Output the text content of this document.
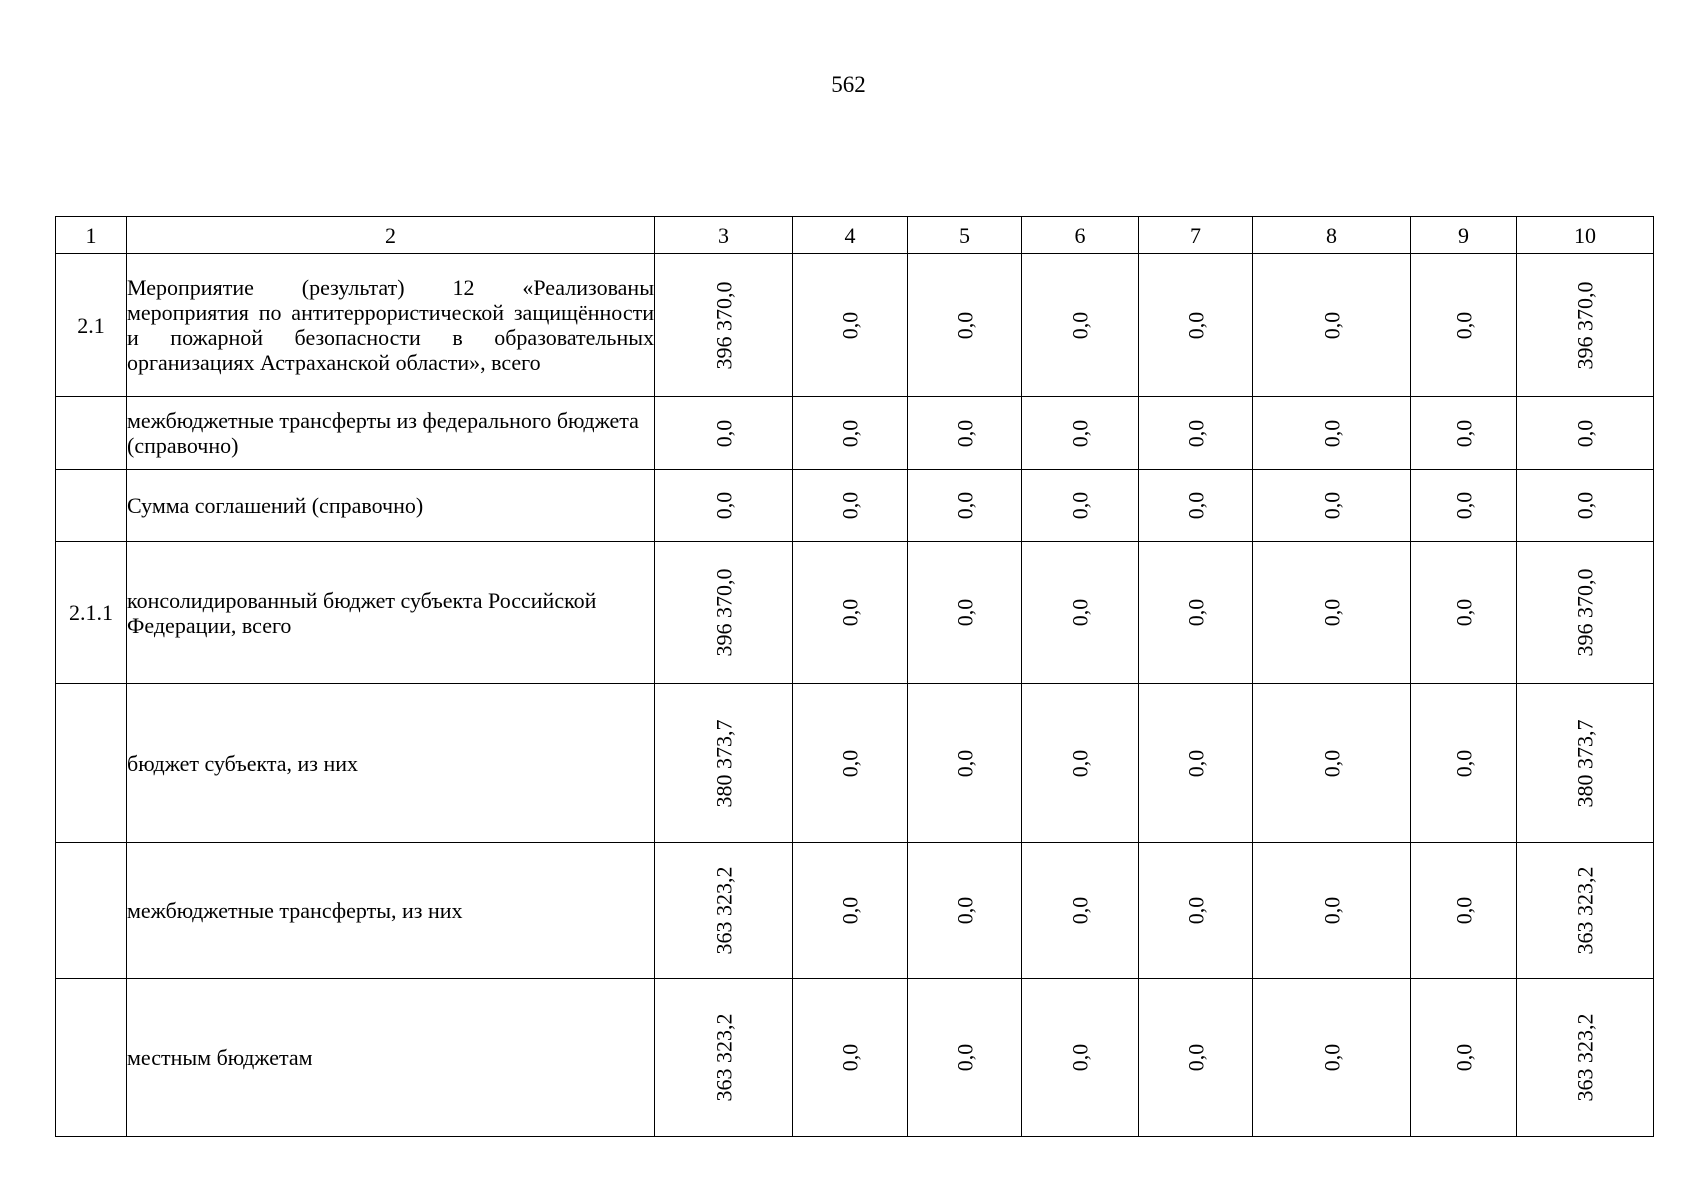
562
1	2	3	4	5	6	7	8	9	10
2.1	Мероприятие (результат) 12 «Реализованы мероприятия по антитеррористической защищённости и пожарной безопасности в образовательных организациях Астраханской области», всего	396 370,0	0,0	0,0	0,0	0,0	0,0	0,0	396 370,0

	межбюджетные трансферты из федерального бюджета (справочно)	0,0	0,0	0,0	0,0	0,0	0,0	0,0	0,0

	Сумма соглашений (справочно)	0,0	0,0	0,0	0,0	0,0	0,0	0,0	0,0
2.1.1	консолидированный бюджет субъекта Российской Федерации, всего	396 370,0	0,0	0,0	0,0	0,0	0,0	0,0	396 370,0

	бюджет субъекта, из них	380 373,7	0,0	0,0	0,0	0,0	0,0	0,0	380 373,7

	межбюджетные трансферты, из них	363 323,2	0,0	0,0	0,0	0,0	0,0	0,0	363 323,2

	местным бюджетам	363 323,2	0,0	0,0	0,0	0,0	0,0	0,0	363 323,2
